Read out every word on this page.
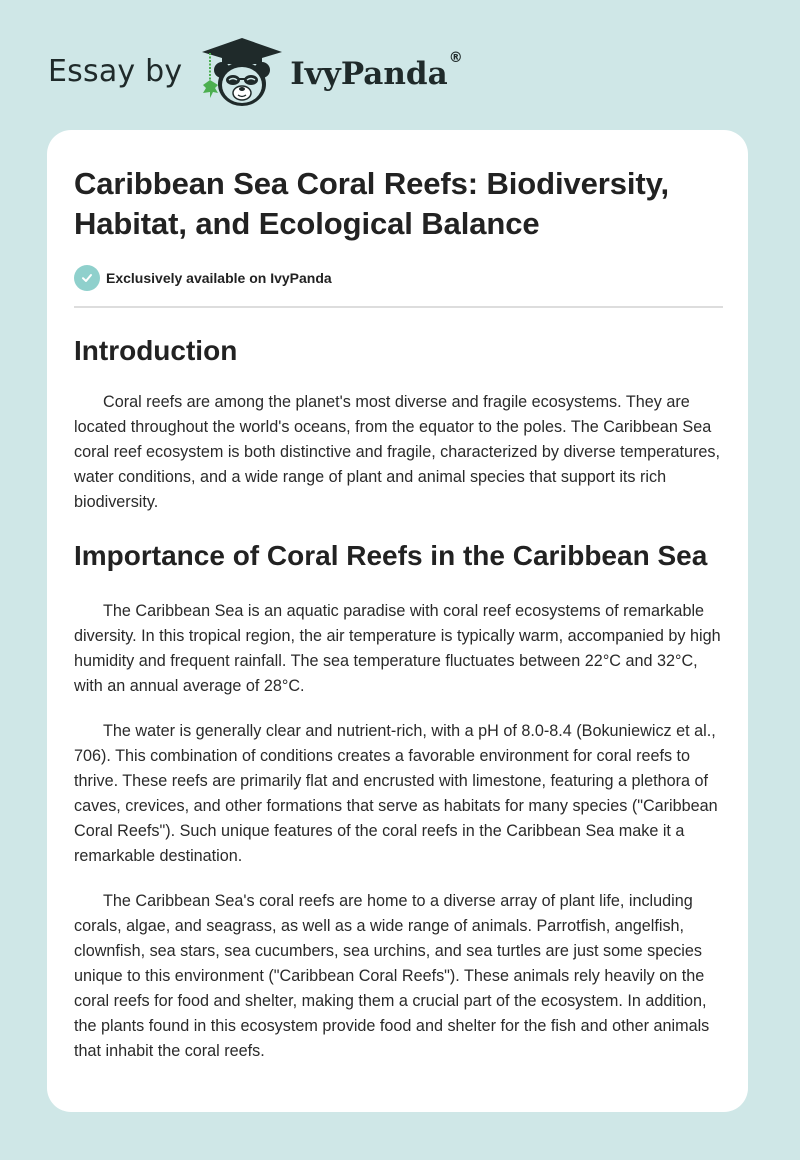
Essay by	IvyPanda®
Caribbean Sea Coral Reefs: Biodiversity, Habitat, and Ecological Balance
Exclusively available on IvyPanda
Introduction

Coral reefs are among the planet's most diverse and fragile ecosystems. They are located throughout the world's oceans, from the equator to the poles. The Caribbean Sea coral reef ecosystem is both distinctive and fragile, characterized by diverse temperatures, water conditions, and a wide range of plant and animal species that support its rich biodiversity.

Importance of Coral Reefs in the Caribbean Sea

The Caribbean Sea is an aquatic paradise with coral reef ecosystems of remarkable diversity. In this tropical region, the air temperature is typically warm, accompanied by high humidity and frequent rainfall. The sea temperature fluctuates between 22°C and 32°C, with an annual average of 28°C.

The water is generally clear and nutrient-rich, with a pH of 8.0-8.4 (Bokuniewicz et al., 706). This combination of conditions creates a favorable environment for coral reefs to thrive. These reefs are primarily flat and encrusted with limestone, featuring a plethora of caves, crevices, and other formations that serve as habitats for many species ("Caribbean Coral Reefs"). Such unique features of the coral reefs in the Caribbean Sea make it a remarkable destination.

The Caribbean Sea's coral reefs are home to a diverse array of plant life, including corals, algae, and seagrass, as well as a wide range of animals. Parrotfish, angelfish, clownfish, sea stars, sea cucumbers, sea urchins, and sea turtles are just some species unique to this environment ("Caribbean Coral Reefs"). These animals rely heavily on the coral reefs for food and shelter, making them a crucial part of the ecosystem. In addition, the plants found in this ecosystem provide food and shelter for the fish and other animals that inhabit the coral reefs.
